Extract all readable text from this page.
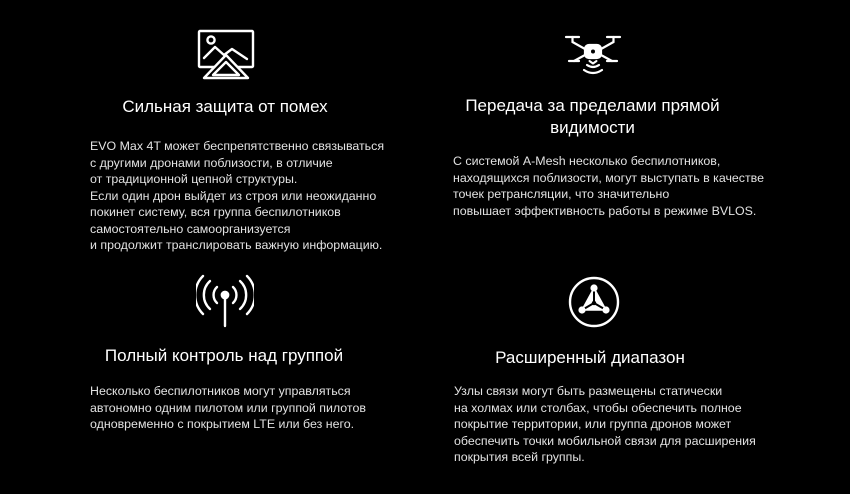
Сильная защита от помех
EVO Max 4T может беспрепятственно связываться
с другими дронами поблизости, в отличие
от традиционной цепной структуры.
Если один дрон выйдет из строя или неожиданно
покинет систему, вся группа беспилотников
самостоятельно самоорганизуется
и продолжит транслировать важную информацию.
Передача за пределами прямой
видимости
С системой A-Mesh несколько беспилотников,
находящихся поблизости, могут выступать в качестве
точек ретрансляции, что значительно
повышает эффективность работы в режиме BVLOS.
Полный контроль над группой
Несколько беспилотников могут управляться
автономно одним пилотом или группой пилотов
одновременно с покрытием LTE или без него.
Расширенный диапазон
Узлы связи могут быть размещены статически
на холмах или столбах, чтобы обеспечить полное
покрытие территории, или группа дронов может
обеспечить точки мобильной связи для расширения
покрытия всей группы.
